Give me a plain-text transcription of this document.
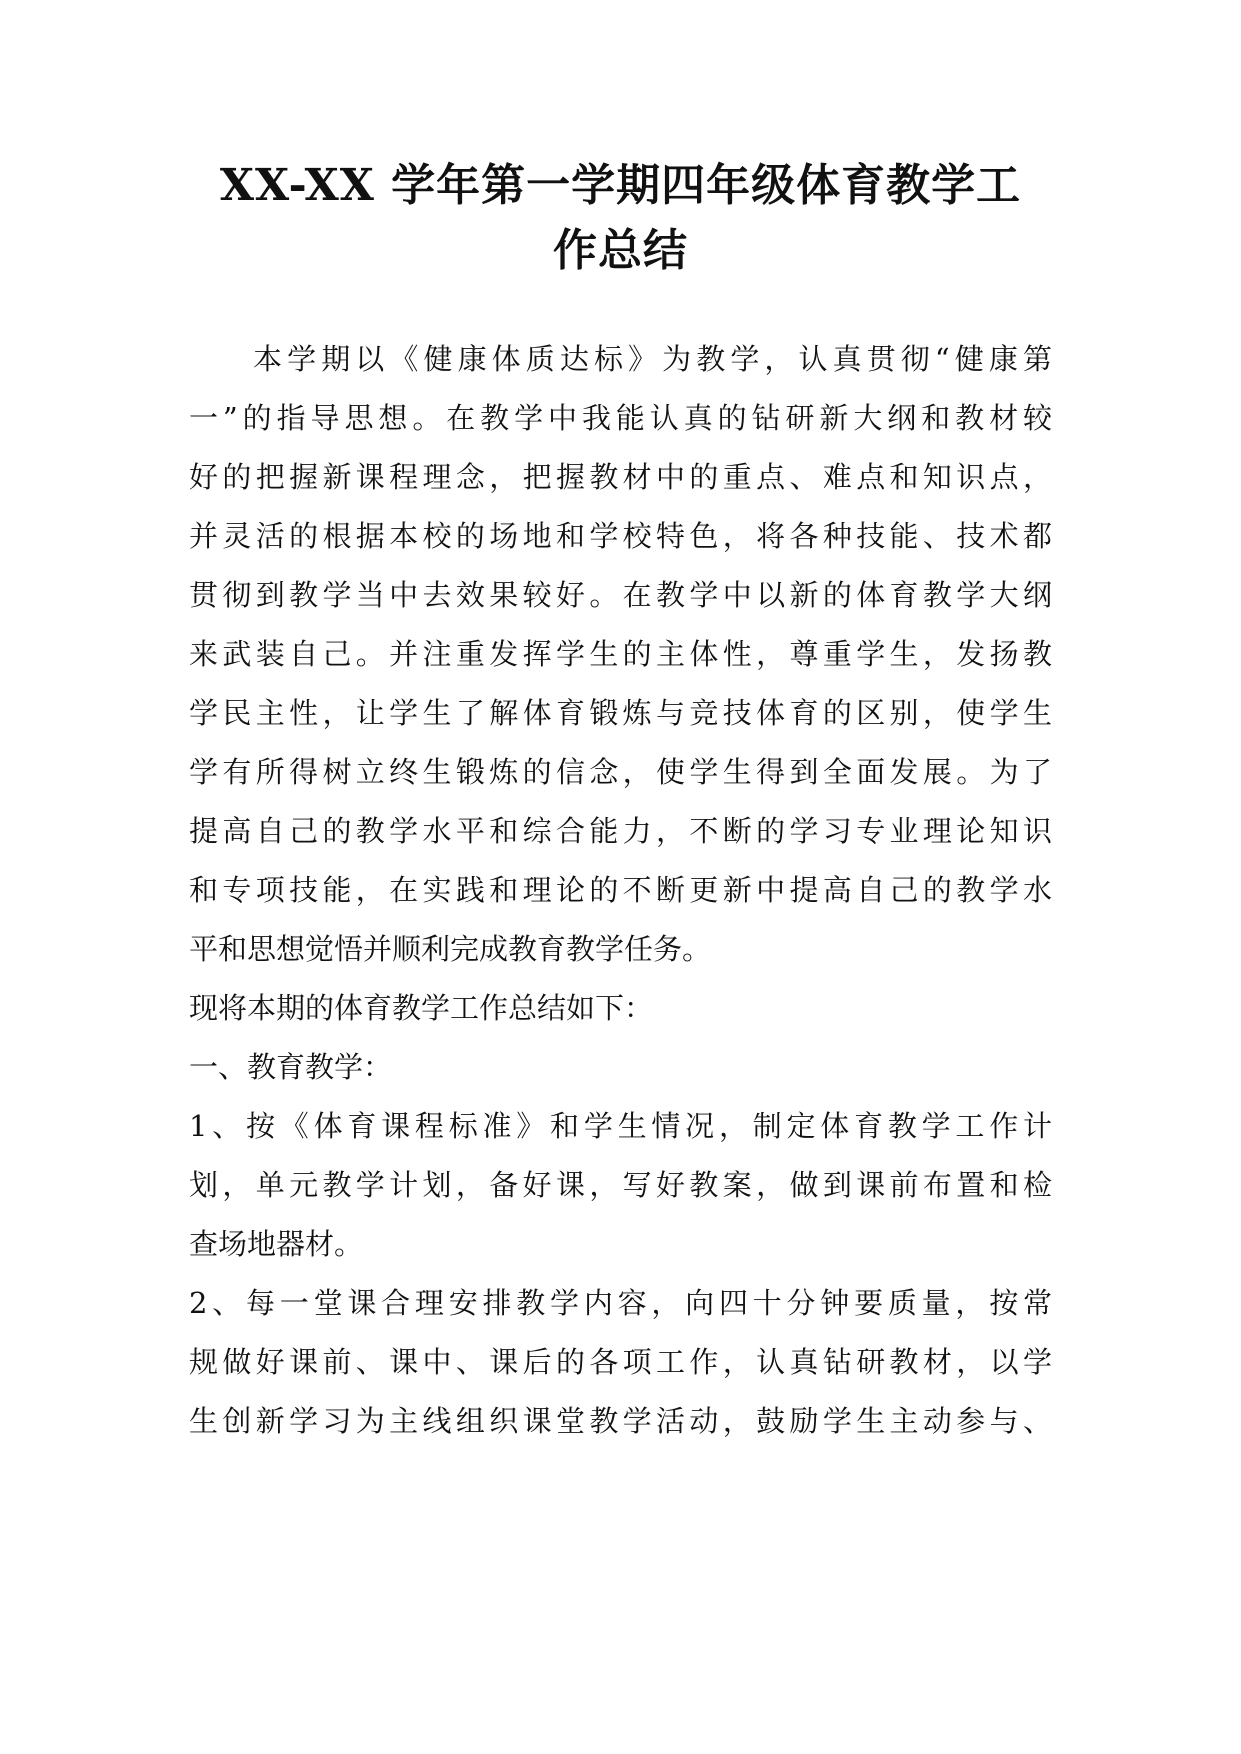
XX-XX 学年第一学期四年级体育教学工
作总结

本学期以《健康体质达标》为教学，认真贯彻“健康第

一”的指导思想。在教学中我能认真的钻研新大纲和教材较

好的把握新课程理念，把握教材中的重点、难点和知识点，

并灵活的根据本校的场地和学校特色，将各种技能、技术都

贯彻到教学当中去效果较好。在教学中以新的体育教学大纲

来武装自己。并注重发挥学生的主体性，尊重学生，发扬教

学民主性，让学生了解体育锻炼与竞技体育的区别，使学生

学有所得树立终生锻炼的信念，使学生得到全面发展。为了

提高自己的教学水平和综合能力，不断的学习专业理论知识

和专项技能，在实践和理论的不断更新中提高自己的教学水

平和思想觉悟并顺利完成教育教学任务。

现将本期的体育教学工作总结如下：

一、教育教学：

1、按《体育课程标准》和学生情况，制定体育教学工作计

划，单元教学计划，备好课，写好教案，做到课前布置和检

查场地器材。

2、每一堂课合理安排教学内容，向四十分钟要质量，按常

规做好课前、课中、课后的各项工作，认真钻研教材，以学

生创新学习为主线组织课堂教学活动，鼓励学生主动参与、
